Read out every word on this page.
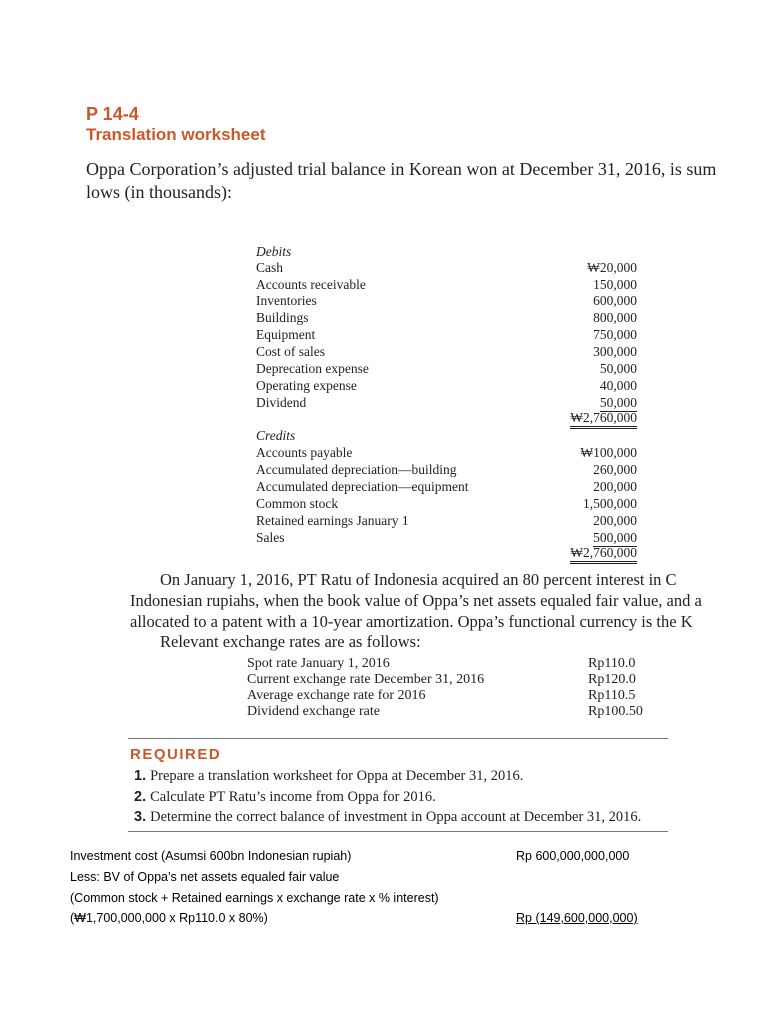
P 14-4
Translation worksheet
Oppa Corporation’s adjusted trial balance in Korean won at December 31, 2016, is sum
lows (in thousands):
Debits
Cash	₩20,000
Accounts receivable	150,000
Inventories	600,000
Buildings	800,000
Equipment	750,000
Cost of sales	300,000
Deprecation expense	50,000
Operating expense	40,000
Dividend	50,000
₩2,760,000
Credits
Accounts payable	₩100,000
Accumulated depreciation—building	260,000
Accumulated depreciation—equipment	200,000
Common stock	1,500,000
Retained earnings January 1	200,000
Sales	500,000
₩2,760,000
On January 1, 2016, PT Ratu of Indonesia acquired an 80 percent interest in C
Indonesian rupiahs, when the book value of Oppa’s net assets equaled fair value, and a
allocated to a patent with a 10-year amortization. Oppa’s functional currency is the K
Relevant exchange rates are as follows:
Spot rate January 1, 2016	Rp110.0
Current exchange rate December 31, 2016	Rp120.0
Average exchange rate for 2016	Rp110.5
Dividend exchange rate	Rp100.50
REQUIRED
1. Prepare a translation worksheet for Oppa at December 31, 2016.
2. Calculate PT Ratu’s income from Oppa for 2016.
3. Determine the correct balance of investment in Oppa account at December 31, 2016.
Investment cost (Asumsi 600bn Indonesian rupiah)	Rp 600,000,000,000
Less: BV of Oppa’s net assets equaled fair value
(Common stock + Retained earnings x exchange rate x % interest)
(₩1,700,000,000 x Rp110.0 x 80%)	Rp (149,600,000,000)
